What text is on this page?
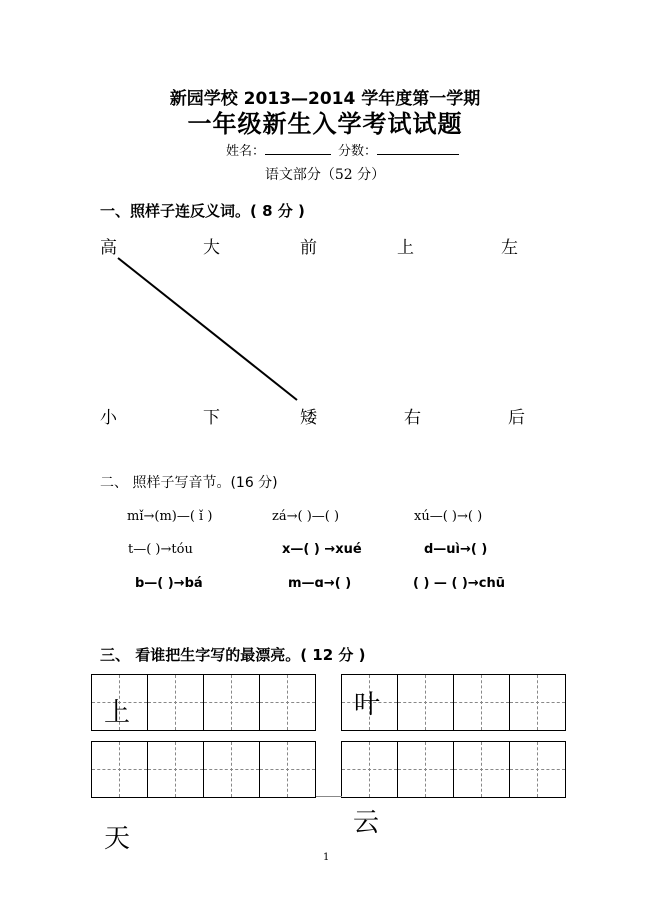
新园学校 2013—2014 学年度第一学期
一年级新生入学考试试题
姓名：	分数：
语文部分（52 分）
一、照样子连反义词。( 8 分 )
高	大	前	上	左
小	下	矮	右	后
二、 照样子写音节。(16 分)
mǐ→(m)—( ǐ )	zá→( )—( )	xú—( )→( )
t—( )→tóu	x—( ) →xué	d—uì→( )
b—( )→bá	m—ɑ→( )	( ) — ( )→chū
三、 看谁把生字写的最漂亮。( 12 分 )
上	叶
天
云
1
